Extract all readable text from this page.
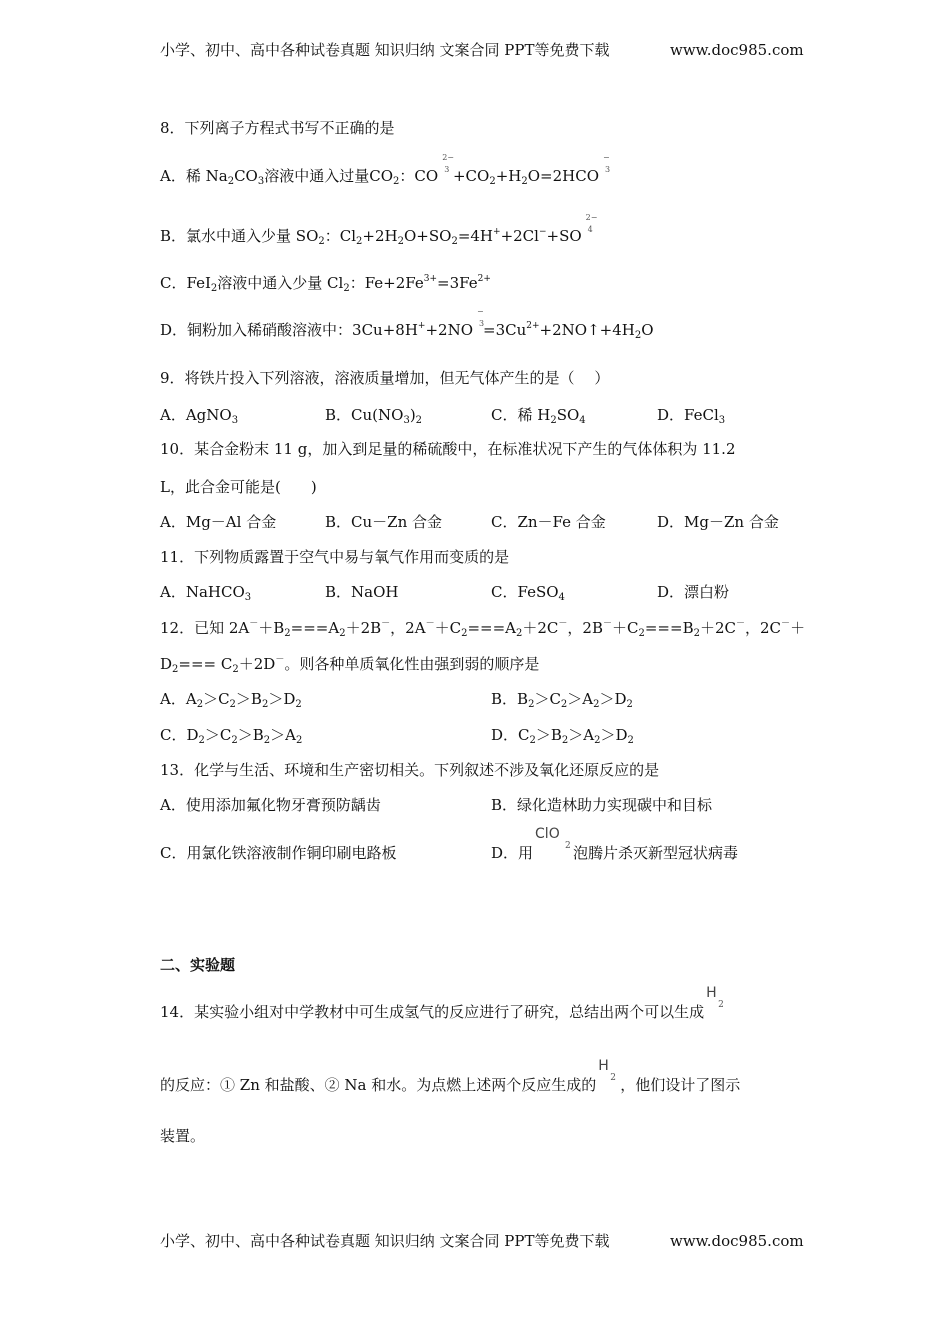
小学、初中、高中各种试卷真题 知识归纳 文案合同 PPT等免费下载	www.doc985.com
8．下列离子方程式书写不正确的是
A．稀 $Na_2CO_3$溶液中通入过量$CO_2$：CO
2−
3
$+CO_2+H_2O=2HCO$
−
3
B．氯水中通入少量 $SO_2$：$Cl_2+2H_2O+SO_2=4H^++2Cl^-+SO$
2−
4
C．FeI$_2$溶液中通入少量 $Cl_2$：$Fe+2Fe^{3+}=3Fe^{2+}$
D．铜粉加入稀硝酸溶液中：3Cu+8H++2NO
−
3
$=3Cu^{2+}+2NO↑+4H_2O$
9．将铁片投入下列溶液，溶液质量增加，但无气体产生的是（　 ）
A．AgNO$_3$	B．$Cu(NO_3)_2$	C．稀 $H_2SO_4$	D．FeCl$_3$
10．某合金粉末 11 g，加入到足量的稀硫酸中，在标准状况下产生的气体体积为 11.2
L，此合金可能是(　　)
A．Mg－Al 合金	B．Cu－Zn 合金	C．Zn－Fe 合金	D．Mg－Zn 合金
11．下列物质露置于空气中易与氧气作用而变质的是
A．NaHCO$_3$	B．NaOH	C．FeSO$_4$	D．漂白粉
12．已知 $2A^-+B_2===A_2+2B^-$，$2A^-+C_2===A_2+2C^-$，$2B^-+C_2===B_2+2C^-$，2C－＋
$D_2=== C_2+2D^-$。则各种单质氧化性由强到弱的顺序是
A．$A_2>C_2>B_2>D_2$	B．$B_2>C_2>A_2>D_2$
C．$D_2>C_2>B_2>A_2$	D．$C_2>B_2>A_2>D_2$
13．化学与生活、环境和生产密切相关。下列叙述不涉及氧化还原反应的是
A．使用添加氟化物牙膏预防龋齿	B．绿化造林助力实现碳中和目标
C．用氯化铁溶液制作铜印刷电路板	D．用
ClO
2 泡腾片杀灭新型冠状病毒
二、实验题
14．某实验小组对中学教材中可生成氢气的反应进行了研究，总结出两个可以生成
H
2
的反应：① Zn 和盐酸、② Na 和水。为点燃上述两个反应生成的
H
2 ，他们设计了图示
装置。
小学、初中、高中各种试卷真题 知识归纳 文案合同 PPT等免费下载	www.doc985.com
